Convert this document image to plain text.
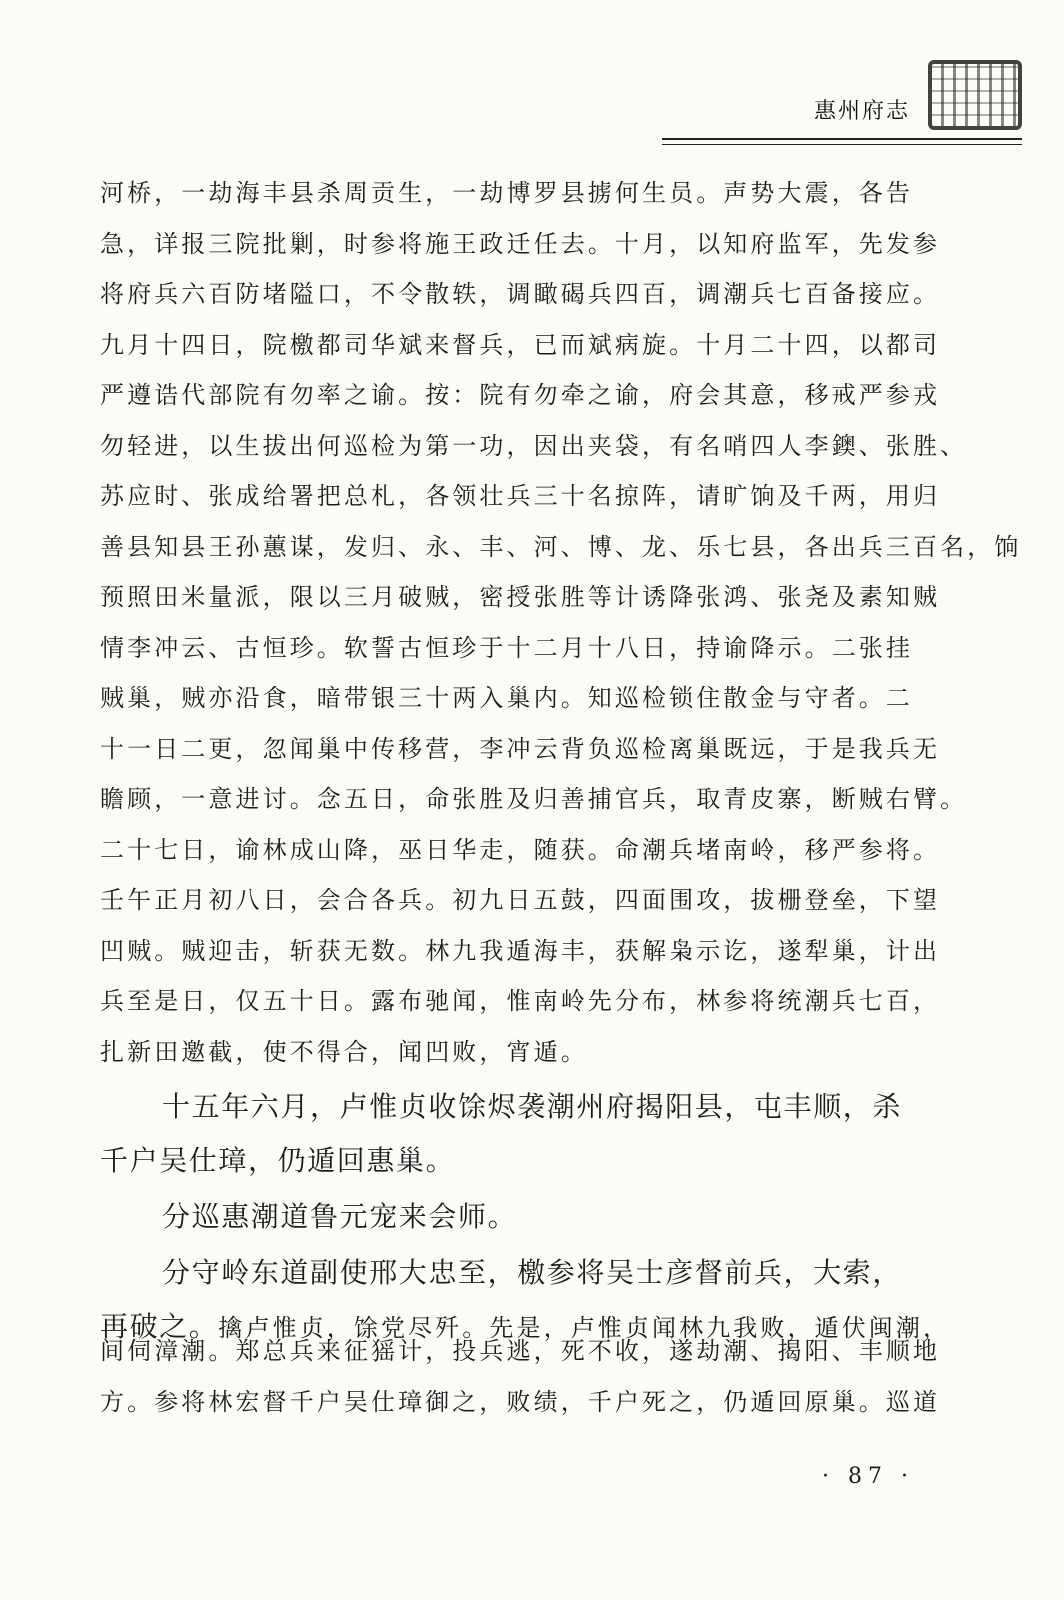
惠州府志
河桥，一劫海丰县杀周贡生，一劫博罗县掳何生员。声势大震，各告
急，详报三院批剿，时参将施王政迁任去。十月，以知府监军，先发参
将府兵六百防堵隘口，不令散轶，调瞰碣兵四百，调潮兵七百备接应。
九月十四日，院檄都司华斌来督兵，已而斌病旋。十月二十四，以都司
严遵诰代部院有勿率之谕。按：院有勿牵之谕，府会其意，移戒严参戎
勿轻进，以生拔出何巡检为第一功，因出夹袋，有名哨四人李鐭、张胜、
苏应时、张成给署把总札，各领壮兵三十名掠阵，请旷饷及千两，用归
善县知县王孙蕙谋，发归、永、丰、河、博、龙、乐七县，各出兵三百名，饷
预照田米量派，限以三月破贼，密授张胜等计诱降张鸿、张尧及素知贼
情李冲云、古恒珍。软誓古恒珍于十二月十八日，持谕降示。二张挂
贼巢，贼亦沿食，暗带银三十两入巢内。知巡检锁住散金与守者。二
十一日二更，忽闻巢中传移营，李冲云背负巡检离巢既远，于是我兵无
瞻顾，一意进讨。念五日，命张胜及归善捕官兵，取青皮寨，断贼右臂。
二十七日，谕林成山降，巫日华走，随获。命潮兵堵南岭，移严参将。
壬午正月初八日，会合各兵。初九日五鼓，四面围攻，拔栅登垒，下望
凹贼。贼迎击，斩获无数。林九我遁海丰，获解枭示讫，遂犁巢，计出
兵至是日，仅五十日。露布驰闻，惟南岭先分布，林参将统潮兵七百，
扎新田邀截，使不得合，闻凹败，宵遁。
十五年六月，卢惟贞收馀烬袭潮州府揭阳县，屯丰顺，杀
千户吴仕璋，仍遁回惠巢。
分巡惠潮道鲁元宠来会师。
分守岭东道副使邢大忠至，檄参将吴士彦督前兵，大索，
再破之。擒卢惟贞，馀党尽歼。先是，卢惟贞闻林九我败，遁伏闽潮，
间伺漳潮。郑总兵来征猺计，投兵逃，死不收，遂劫潮、揭阳、丰顺地
方。参将林宏督千户吴仕璋御之，败绩，千户死之，仍遁回原巢。巡道
· 87 ·
